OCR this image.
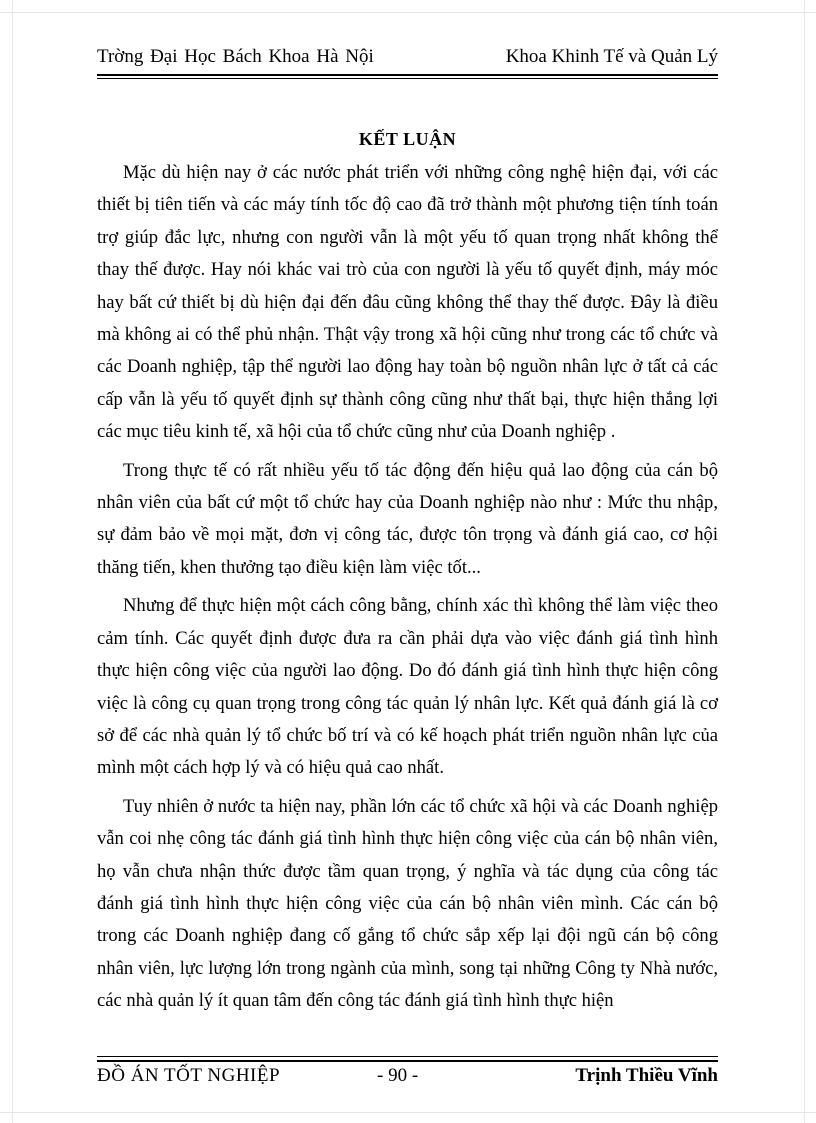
Trờng Đại Học Bách Khoa Hà Nội	Khoa Khinh Tế và Quản Lý
KẾT LUẬN

Mặc dù hiện nay ở các nước phát triển với những công nghệ hiện đại, với các thiết bị tiên tiến và các máy tính tốc độ cao đã trở thành một phương tiện tính toán trợ giúp đắc lực, nhưng con người vẫn là một yếu tố quan trọng nhất không thể thay thế được. Hay nói khác vai trò của con người là yếu tố quyết định, máy móc hay bất cứ thiết bị dù hiện đại đến đâu cũng không thể thay thế được. Đây là điều mà không ai có thể phủ nhận. Thật vậy trong xã hội cũng như trong các tổ chức và các Doanh nghiệp, tập thể người lao động hay toàn bộ nguồn nhân lực ở tất cả các cấp vẫn là yếu tố quyết định sự thành công cũng như thất bại, thực hiện thắng lợi các mục tiêu kinh tế, xã hội của tổ chức cũng như của Doanh nghiệp .

Trong thực tế có rất nhiều yếu tố tác động đến hiệu quả lao động của cán bộ nhân viên của bất cứ một tổ chức hay của Doanh nghiệp nào như : Mức thu nhập, sự đảm bảo về mọi mặt, đơn vị công tác, được tôn trọng và đánh giá cao, cơ hội thăng tiến, khen thưởng tạo điều kiện làm việc tốt...

Nhưng để thực hiện một cách công bằng, chính xác thì không thể làm việc theo cảm tính. Các quyết định được đưa ra cần phải dựa vào việc đánh giá tình hình thực hiện công việc của người lao động. Do đó đánh giá tình hình thực hiện công việc là công cụ quan trọng trong công tác quản lý nhân lực. Kết quả đánh giá là cơ sở để các nhà quản lý tổ chức bố trí và có kế hoạch phát triển nguồn nhân lực của mình một cách hợp lý và có hiệu quả cao nhất.

Tuy nhiên ở nước ta hiện nay, phần lớn các tổ chức xã hội và các Doanh nghiệp vẫn coi nhẹ công tác đánh giá tình hình thực hiện công việc của cán bộ nhân viên, họ vẫn chưa nhận thức được tầm quan trọng, ý nghĩa và tác dụng của công tác đánh giá tình hình thực hiện công việc của cán bộ nhân viên mình. Các cán bộ trong các Doanh nghiệp đang cố gắng tổ chức sắp xếp lại đội ngũ cán bộ công nhân viên, lực lượng lớn trong ngành của mình, song tại những Công ty Nhà nước, các nhà quản lý ít quan tâm đến công tác đánh giá tình hình thực hiện

ĐỒ ÁN TỐT NGHIỆP	- 90 -	Trịnh Thiều Vĩnh
